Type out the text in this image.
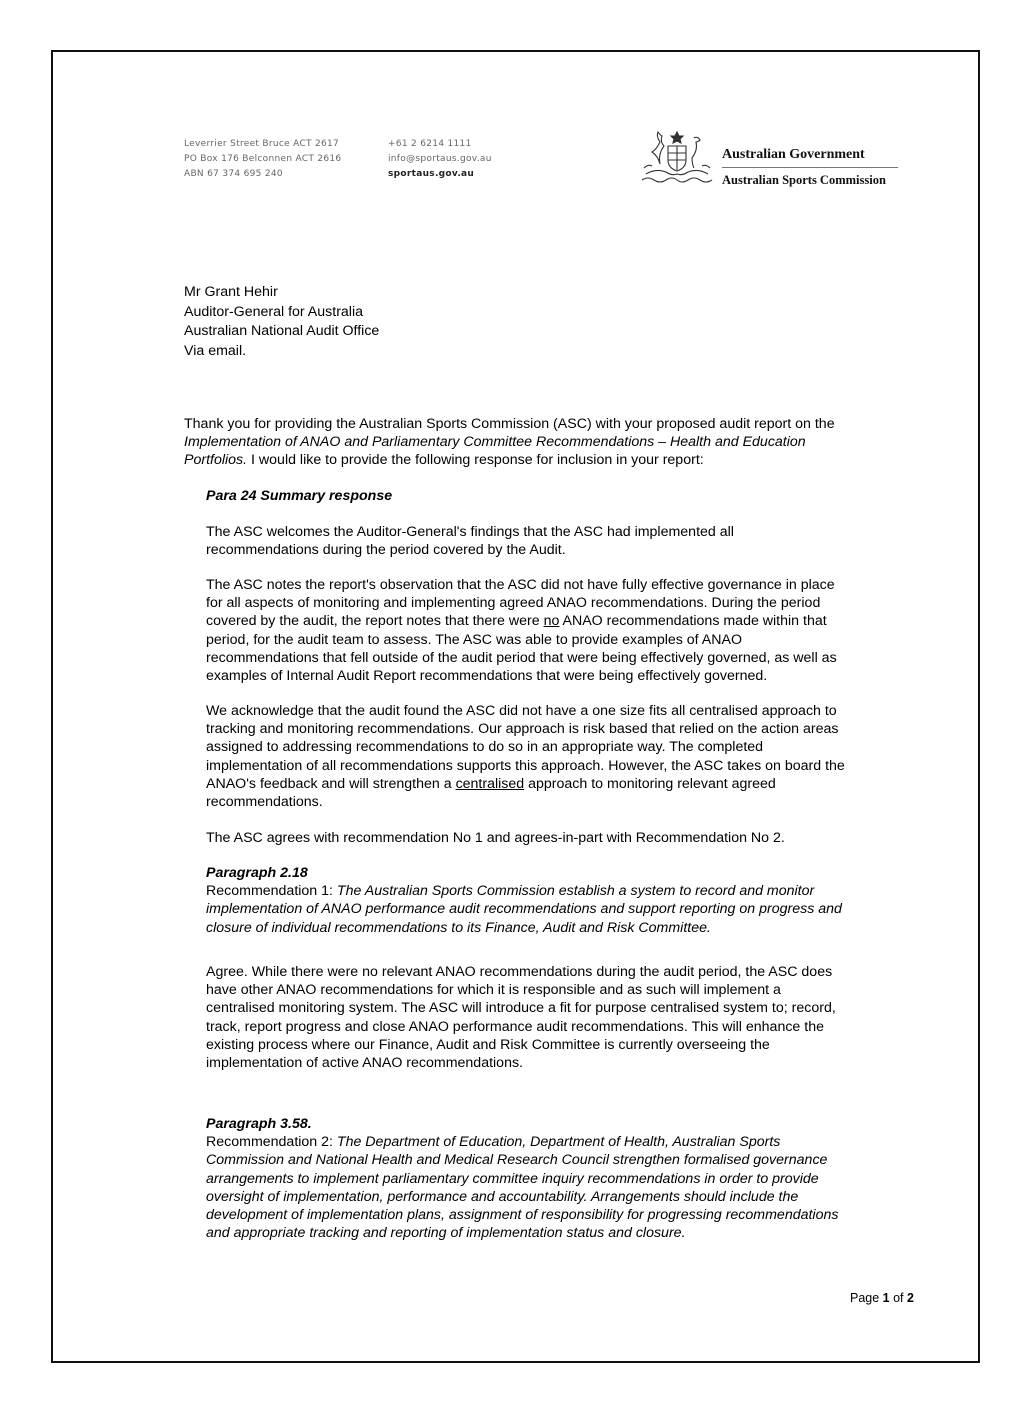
Leverrier Street Bruce ACT 2617
PO Box 176 Belconnen ACT 2616
ABN 67 374 695 240
+61 2 6214 1111
info@sportaus.gov.au
sportaus.gov.au
Australian Government
Australian Sports Commission
Mr Grant Hehir
Auditor-General for Australia
Australian National Audit Office
Via email.
Thank you for providing the Australian Sports Commission (ASC) with your proposed audit report on the
Implementation of ANAO and Parliamentary Committee Recommendations – Health and Education
Portfolios. I would like to provide the following response for inclusion in your report:
Para 24 Summary response
The ASC welcomes the Auditor-General's findings that the ASC had implemented all
recommendations during the period covered by the Audit.
The ASC notes the report's observation that the ASC did not have fully effective governance in place
for all aspects of monitoring and implementing agreed ANAO recommendations. During the period
covered by the audit, the report notes that there were no ANAO recommendations made within that
period, for the audit team to assess. The ASC was able to provide examples of ANAO
recommendations that fell outside of the audit period that were being effectively governed, as well as
examples of Internal Audit Report recommendations that were being effectively governed.
We acknowledge that the audit found the ASC did not have a one size fits all centralised approach to
tracking and monitoring recommendations. Our approach is risk based that relied on the action areas
assigned to addressing recommendations to do so in an appropriate way. The completed
implementation of all recommendations supports this approach. However, the ASC takes on board the
ANAO's feedback and will strengthen a centralised approach to monitoring relevant agreed
recommendations.
The ASC agrees with recommendation No 1 and agrees-in-part with Recommendation No 2.
Paragraph 2.18
Recommendation 1: The Australian Sports Commission establish a system to record and monitor
implementation of ANAO performance audit recommendations and support reporting on progress and
closure of individual recommendations to its Finance, Audit and Risk Committee.
Agree. While there were no relevant ANAO recommendations during the audit period, the ASC does
have other ANAO recommendations for which it is responsible and as such will implement a
centralised monitoring system. The ASC will introduce a fit for purpose centralised system to; record,
track, report progress and close ANAO performance audit recommendations. This will enhance the
existing process where our Finance, Audit and Risk Committee is currently overseeing the
implementation of active ANAO recommendations.
Paragraph 3.58.
Recommendation 2: The Department of Education, Department of Health, Australian Sports
Commission and National Health and Medical Research Council strengthen formalised governance
arrangements to implement parliamentary committee inquiry recommendations in order to provide
oversight of implementation, performance and accountability. Arrangements should include the
development of implementation plans, assignment of responsibility for progressing recommendations
and appropriate tracking and reporting of implementation status and closure.
Page 1 of 2
